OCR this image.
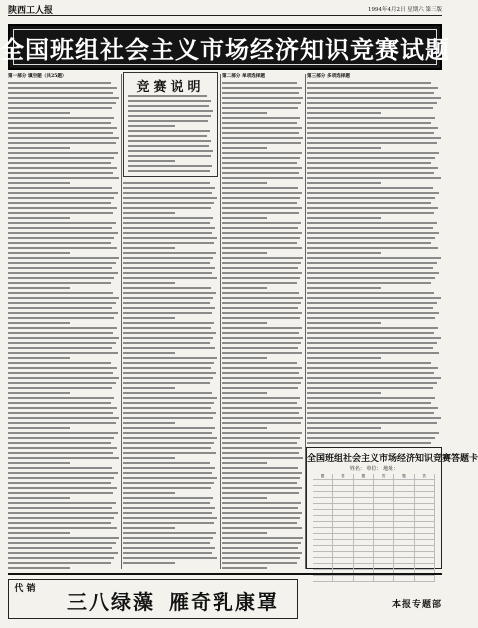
陕西工人报	1994年4月2日 星期六 第三版
全国班组社会主义市场经济知识竞赛试题
第一部分 填空题（共25题）
竞赛说明
第二部分 单项选择题	第三部分 多项选择题
全国班组社会主义市场经济知识竞赛答题卡
姓名： 单位： 地址：
题	答	题	答	题	答
代 销
三八绿藻 雁奇乳康罩	本报专题部
